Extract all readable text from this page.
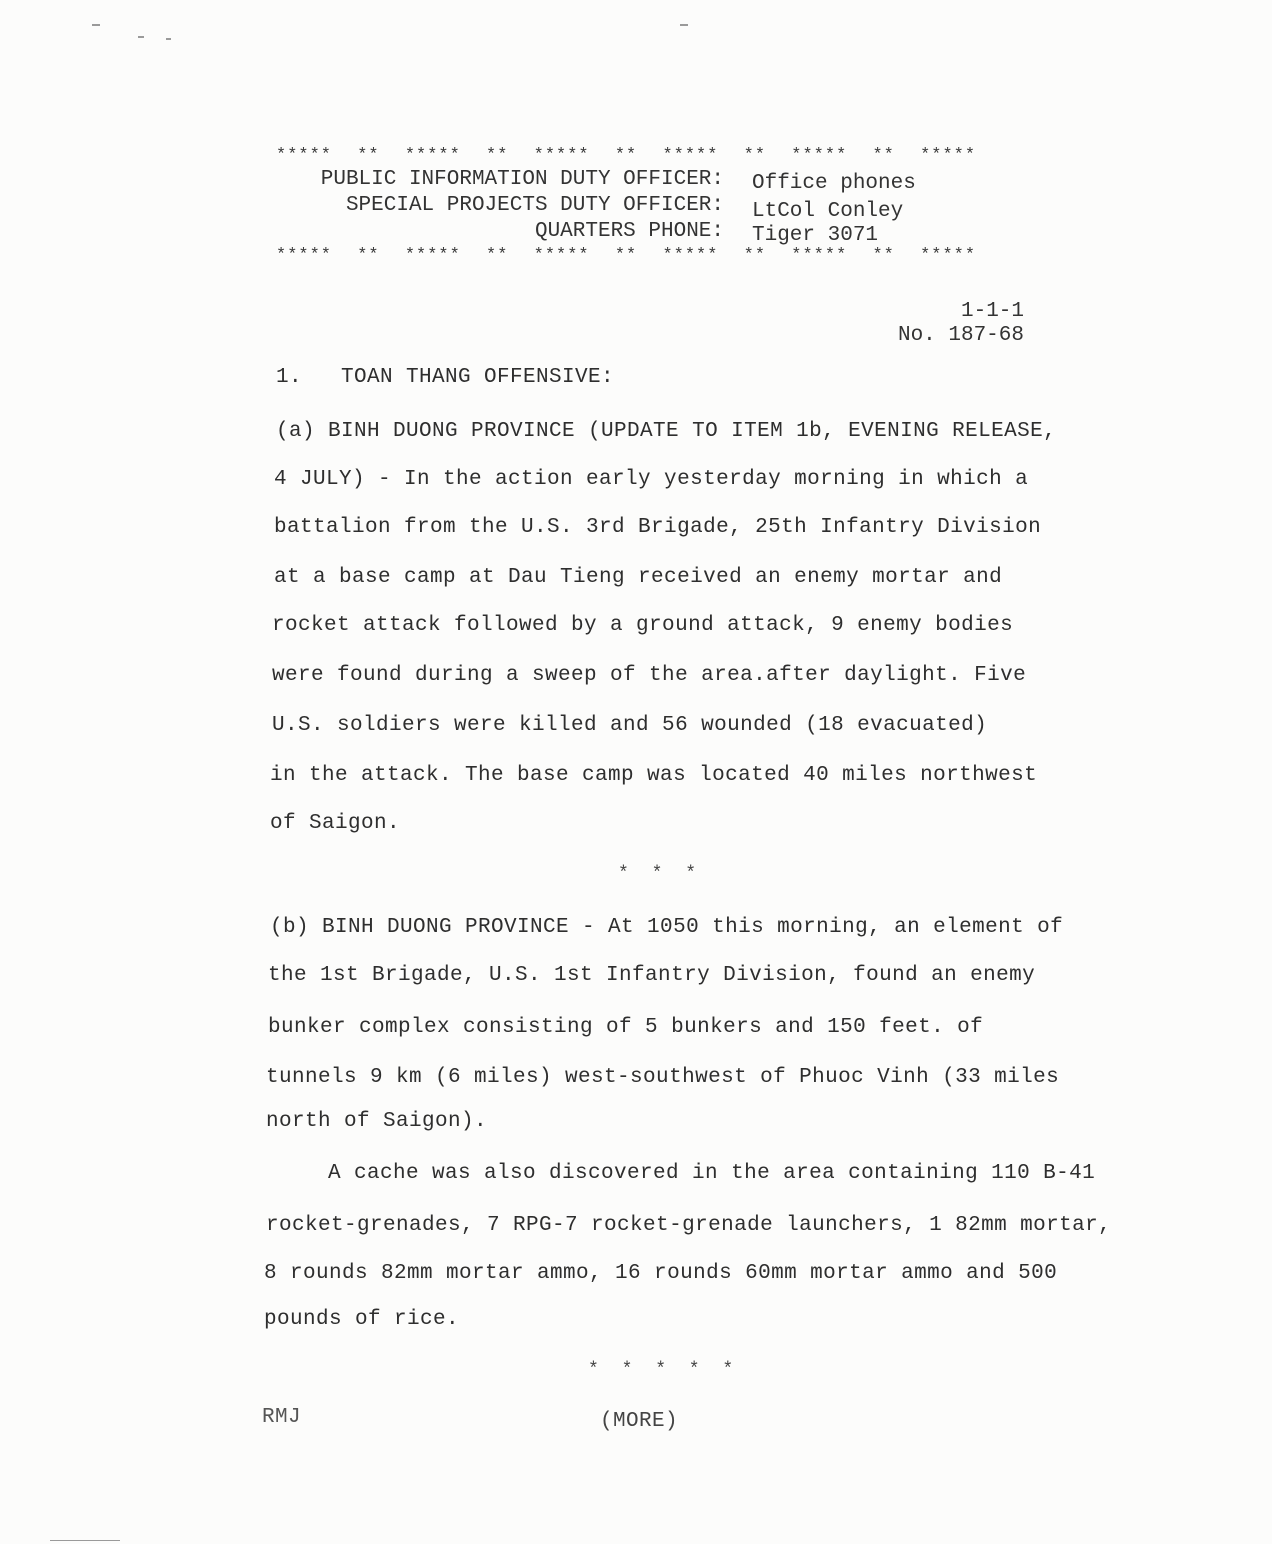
***** ** ***** ** ***** ** ***** ** ***** ** *****
PUBLIC INFORMATION DUTY OFFICER: Office phones
SPECIAL PROJECTS DUTY OFFICER: LtCol Conley
QUARTERS PHONE: Tiger 3071
***** ** ***** ** ***** ** ***** ** ***** ** *****
1-1-1
No. 187-68
1.   TOAN THANG OFFENSIVE:
(a) BINH DUONG PROVINCE (UPDATE TO ITEM 1b, EVENING RELEASE,
4 JULY) - In the action early yesterday morning in which a
battalion from the U.S. 3rd Brigade, 25th Infantry Division
at a base camp at Dau Tieng received an enemy mortar and
rocket attack followed by a ground attack, 9 enemy bodies
were found during a sweep of the area.after daylight. Five
U.S. soldiers were killed and 56 wounded (18 evacuated)
in the attack. The base camp was located 40 miles northwest
of Saigon.
* * *
(b) BINH DUONG PROVINCE - At 1050 this morning, an element of
the 1st Brigade, U.S. 1st Infantry Division, found an enemy
bunker complex consisting of 5 bunkers and 150 feet. of
tunnels 9 km (6 miles) west-southwest of Phuoc Vinh (33 miles
north of Saigon).
A cache was also discovered in the area containing 110 B-41
rocket-grenades, 7 RPG-7 rocket-grenade launchers, 1 82mm mortar,
8 rounds 82mm mortar ammo, 16 rounds 60mm mortar ammo and 500
pounds of rice.
* * * * *
RMJ	(MORE)
